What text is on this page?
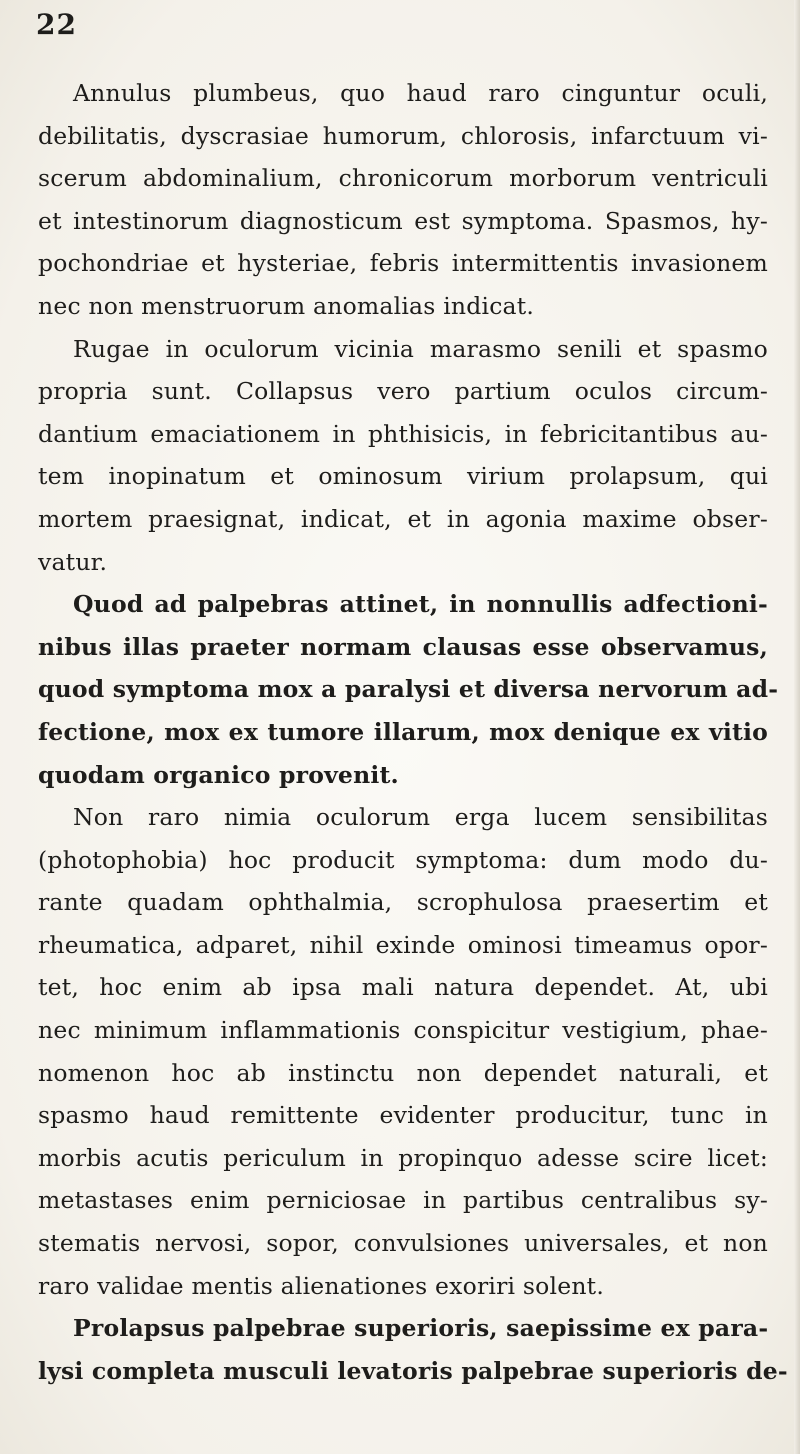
22
Annulus plumbeus, quo haud raro cinguntur oculi,
debilitatis, dyscrasiae humorum, chlorosis, infarctuum vi-
scerum abdominalium, chronicorum morborum ventriculi
et intestinorum diagnosticum est symptoma. Spasmos, hy-
pochondriae et hysteriae, febris intermittentis invasionem
nec non menstruorum anomalias indicat.
Rugae in oculorum vicinia marasmo senili et spasmo
propria sunt. Collapsus vero partium oculos circum-
dantium emaciationem in phthisicis, in febricitantibus au-
tem inopinatum et ominosum virium prolapsum, qui
mortem praesignat, indicat, et in agonia maxime obser-
vatur.
Quod ad palpebras attinet, in nonnullis adfectioni-
nibus illas praeter normam clausas esse observamus,
quod symptoma mox a paralysi et diversa nervorum ad-
fectione, mox ex tumore illarum, mox denique ex vitio
quodam organico provenit.
Non raro nimia oculorum erga lucem sensibilitas
(photophobia) hoc producit symptoma: dum modo du-
rante quadam ophthalmia, scrophulosa praesertim et
rheumatica, adparet, nihil exinde ominosi timeamus opor-
tet, hoc enim ab ipsa mali natura dependet. At, ubi
nec minimum inflammationis conspicitur vestigium, phae-
nomenon hoc ab instinctu non dependet naturali, et
spasmo haud remittente evidenter producitur, tunc in
morbis acutis periculum in propinquo adesse scire licet:
metastases enim perniciosae in partibus centralibus sy-
stematis nervosi, sopor, convulsiones universales, et non
raro validae mentis alienationes exoriri solent.
Prolapsus palpebrae superioris, saepissime ex para-
lysi completa musculi levatoris palpebrae superioris de-
